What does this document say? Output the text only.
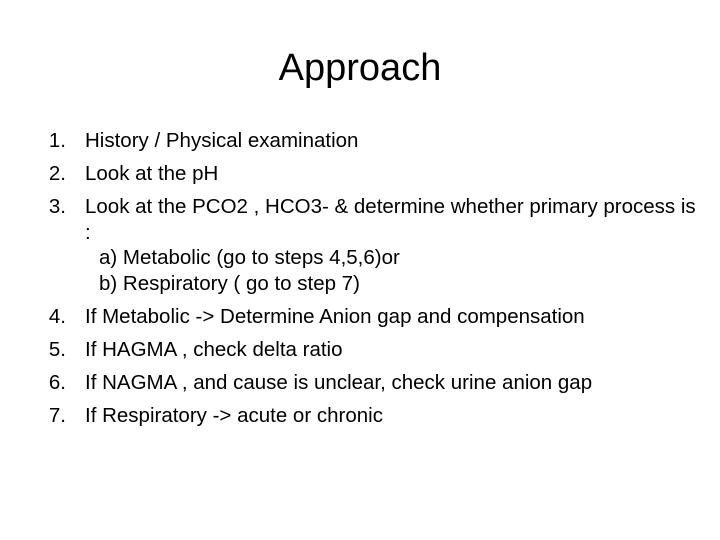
Approach
1. History / Physical examination
2. Look at the pH
3. Look at the PCO2 , HCO3- & determine whether primary process is :
a) Metabolic (go to steps 4,5,6)or
b) Respiratory ( go to step 7)
4. If Metabolic -> Determine Anion gap and compensation
5. If HAGMA , check delta ratio
6. If NAGMA , and cause is unclear, check urine anion gap
7. If Respiratory -> acute or chronic
